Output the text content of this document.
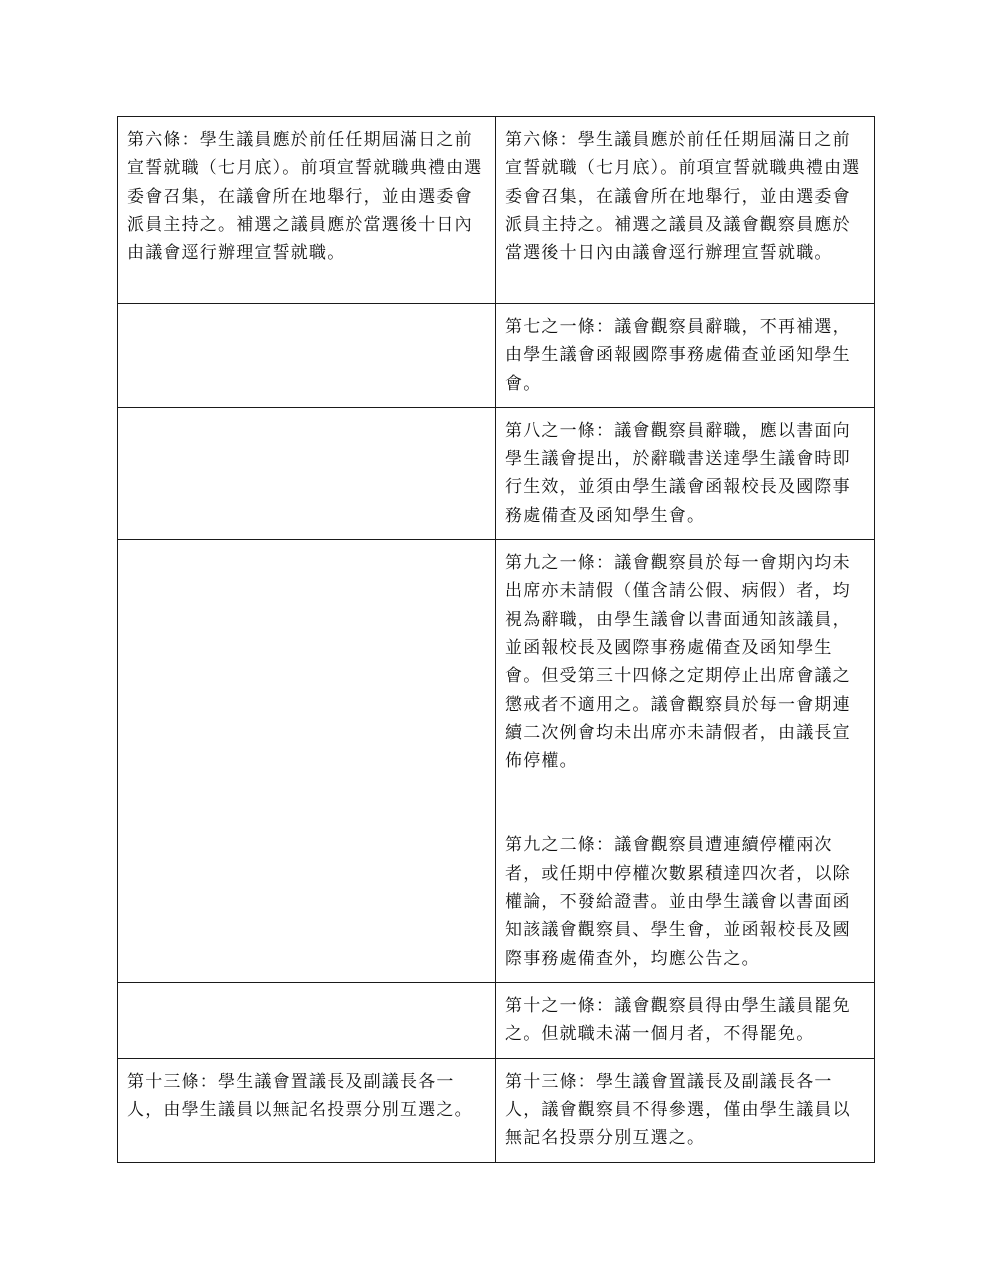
第六條：學生議員應於前任任期屆滿日之前宣誓就職（七月底）。前項宣誓就職典禮由選委會召集，在議會所在地舉行，並由選委會派員主持之。補選之議員應於當選後十日內由議會逕行辦理宣誓就職。	第六條：學生議員應於前任任期屆滿日之前宣誓就職（七月底）。前項宣誓就職典禮由選委會召集，在議會所在地舉行，並由選委會派員主持之。補選之議員及議會觀察員應於當選後十日內由議會逕行辦理宣誓就職。

	第七之一條：議會觀察員辭職，不再補選，由學生議會函報國際事務處備查並函知學生會。

	第八之一條：議會觀察員辭職，應以書面向學生議會提出，於辭職書送達學生議會時即行生效，並須由學生議會函報校長及國際事務處備查及函知學生會。

	第九之一條：議會觀察員於每一會期內均未出席亦未請假（僅含請公假、病假）者，均視為辭職，由學生議會以書面通知該議員，並函報校長及國際事務處備查及函知學生會。但受第三十四條之定期停止出席會議之懲戒者不適用之。議會觀察員於每一會期連續二次例會均未出席亦未請假者，由議長宣佈停權。
第九之二條：議會觀察員遭連續停權兩次者，或任期中停權次數累積達四次者，以除權論，不發給證書。並由學生議會以書面函知該議會觀察員、學生會，並函報校長及國際事務處備查外，均應公告之。

	第十之一條：議會觀察員得由學生議員罷免之。但就職未滿一個月者，不得罷免。

第十三條：學生議會置議長及副議長各一人，由學生議員以無記名投票分別互選之。	第十三條：學生議會置議長及副議長各一人，議會觀察員不得參選，僅由學生議員以無記名投票分別互選之。
